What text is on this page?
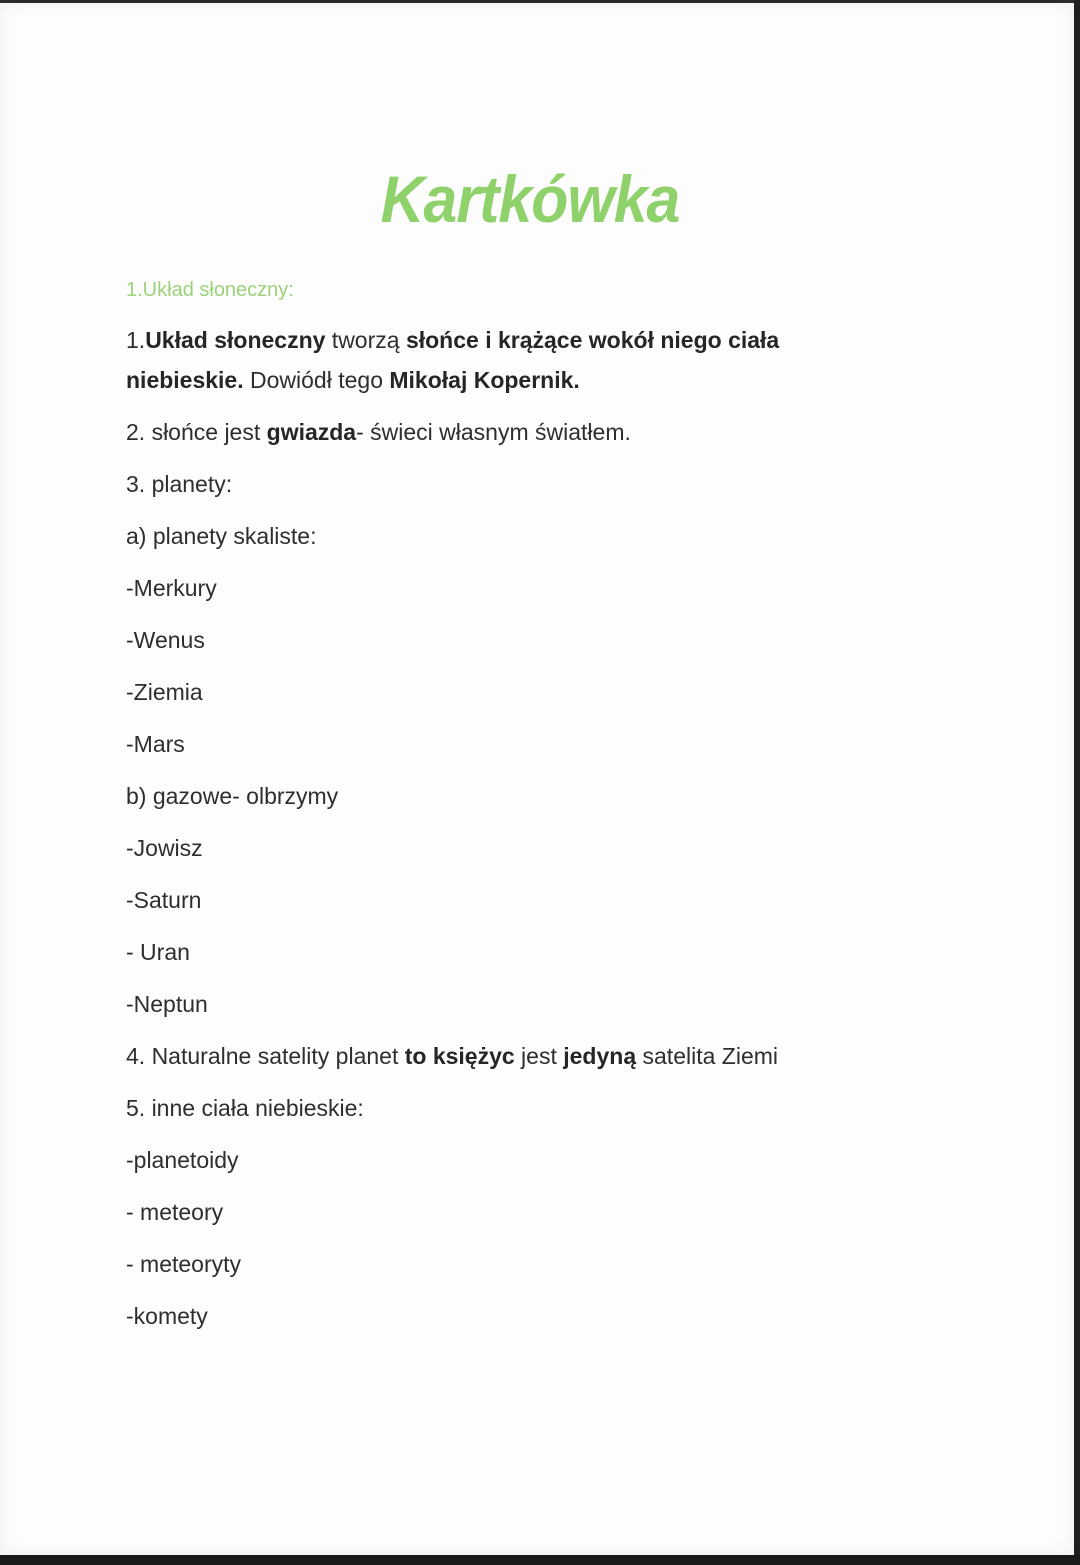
Kartkówka
1.Układ słoneczny:
1.Układ słoneczny tworzą słońce i krążące wokół niego ciała
niebieskie. Dowiódł tego Mikołaj Kopernik.
2. słońce jest gwiazda- świeci własnym światłem.
3. planety:
a) planety skaliste:
-Merkury
-Wenus
-Ziemia
-Mars
b) gazowe- olbrzymy
-Jowisz
-Saturn
- Uran
-Neptun
4. Naturalne satelity planet to księżyc jest jedyną satelita Ziemi
5. inne ciała niebieskie:
-planetoidy
- meteory
- meteoryty
-komety
